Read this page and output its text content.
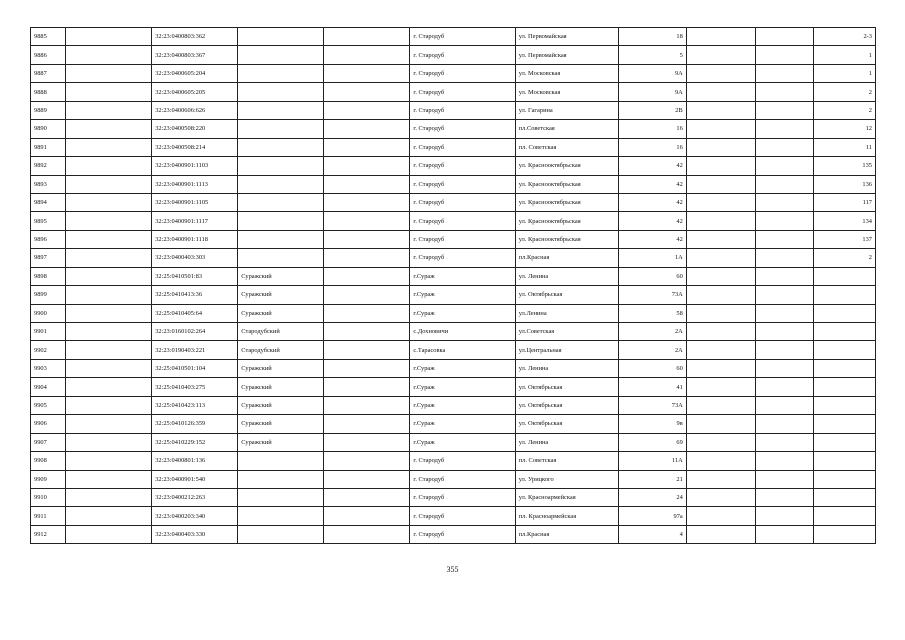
9885		32:23:0400803:362			г. Стародуб	ул. Первомайская	18			2-3
9886		32:23:0400803:367			г. Стародуб	ул. Первомайская	5			1
9887		32:23:0400605:204			г. Стародуб	ул. Московская	9А			1
9888		32:23:0400605:205			г. Стародуб	ул. Московская	9А			2
9889		32:23:0400606:626			г. Стародуб	ул. Гагарина	2В			2
9890		32:23:0400508:220			г. Стародуб	пл.Советская	16			12
9891		32:23:0400508:214			г. Стародуб	пл. Советская	16			11
9892		32:23:0400901:1103			г. Стародуб	ул. Краснооктябрьская	42			135
9893		32:23:0400901:1113			г. Стародуб	ул. Краснооктябрьская	42			136
9894		32:23:0400901:1105			г. Стародуб	ул. Краснооктябрьская	42			117
9895		32:23:0400901:1117			г. Стародуб	ул. Краснооктябрьская	42			134
9896		32:23:0400901:1118			г. Стародуб	ул. Краснооктябрьская	42			137
9897		32:23:0400403:303			г. Стародуб	пл.Красная	1А			2
9898		32:25:0410501:83	Суражский		г.Сураж	ул. Ленина	60			
9899		32:25:0410413:36	Суражский		г.Сураж	ул. Октябрьская	73А			
9900		32:25:0410405:64	Суражский		г.Сураж	ул.Ленина	58			
9901		32:23:0160102:264	Стародубский		с.Дохновичи	ул.Советская	2А			
9902		32:23:0190403:221	Стародубский		с.Тарасовка	ул.Центральная	2А			
9903		32:25:0410501:104	Суражский		г.Сураж	ул. Ленина	60			
9904		32:25:0410403:275	Суражский		г.Сураж	ул. Октябрьская	41			
9905		32:25:0410423:113	Суражский		г.Сураж	ул. Октябрьская	73А			
9906		32:25:0410126:359	Суражский		г.Сураж	ул. Октябрьская	9в			
9907		32:25:0410229:152	Суражский		г.Сураж	ул. Ленина	69			
9908		32:23:0400801:136			г. Стародуб	пл. Советская	11А			
9909		32:23:0400901:540			г. Стародуб	ул. Урицкого	21			
9910		32:23:0400212:263			г. Стародуб	ул. Красноармейская	24			
9911		32:23:0400203:340			г. Стародуб	пл. Красноармейская	97а			
9912		32:23:0400403:330			г. Стародуб	пл.Красная	4			
355
